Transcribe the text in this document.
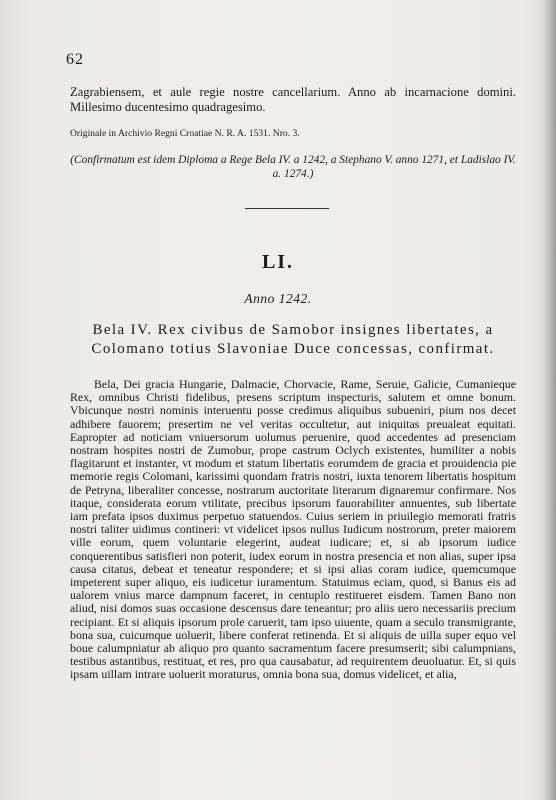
62

Zagrabiensem, et aule regie nostre cancellarium. Anno ab incarnacione domini. Millesimo ducentesimo quadragesimo.

Originale in Archivio Regni Croatiae N. R. A. 1531. Nro. 3.
(Confirmatum est idem Diploma a Rege Bela IV. a 1242, a Stephano V. anno 1271, et Ladislao IV. a. 1274.)
LI.
Anno 1242.
Bela IV. Rex civibus de Samobor insignes libertates, a Colomano totius Slavoniae Duce concessas, confirmat.

Bela, Dei gracia Hungarie, Dalmacie, Chorvacie, Rame, Seruie, Galicie, Cumanieque Rex, omnibus Christi fidelibus, presens scriptum inspecturis, salutem et omne bonum. Vbicunque nostri nominis interuentu posse credimus aliquibus subueniri, pium nos decet adhibere fauorem; presertim ne vel veritas occultetur, aut iniquitas preualeat equitati. Eapropter ad noticiam vniuersorum uolumus peruenire, quod accedentes ad presenciam nostram hospites nostri de Zumobur, prope castrum Oclych existentes, humiliter a nobis flagitarunt et instanter, vt modum et statum libertatis eorumdem de gracia et prouidencia pie memorie regis Colomani, karissimi quondam fratris nostri, iuxta tenorem libertatis hospitum de Petryna, liberaliter concesse, nostrarum auctoritate literarum dignaremur confirmare. Nos itaque, considerata eorum vtilitate, precibus ipsorum fauorabiliter annuentes, sub libertate iam prefata ipsos duximus perpetuo statuendos. Cuius seriem in priuilegio memorati fratris nostri taliter uidimus contineri: vt videlicet ipsos nullus Iudicum nostrorum, preter maiorem ville eorum, quem voluntarie elegerint, audeat iudicare; et, si ab ipsorum iudice conquerentibus satisfieri non poterit, iudex eorum in nostra presencia et non alias, super ipsa causa citatus, debeat et teneatur respondere; et si ipsi alias coram iudice, quemcumque impeterent super aliquo, eis iudicetur iuramentum. Statuimus eciam, quod, si Banus eis ad ualorem vnius marce dampnum faceret, in centuplo restitueret eisdem. Tamen Bano non aliud, nisi domos suas occasione descensus dare teneantur; pro aliis uero necessariis precium recipiant. Et si aliquis ipsorum prole caruerit, tam ipso uiuente, quam a seculo transmigrante, bona sua, cuicumque uoluerit, libere conferat retinenda. Et si aliquis de uilla super equo vel boue calumpniatur ab aliquo pro quanto sacramentum facere presumserit; sibi calumpnians, testibus astantibus, restituat, et res, pro qua causabatur, ad requirentem deuoluatur. Et, si quis ipsam uillam intrare uoluerit moraturus, omnia bona sua, domus videlicet, et alia,
